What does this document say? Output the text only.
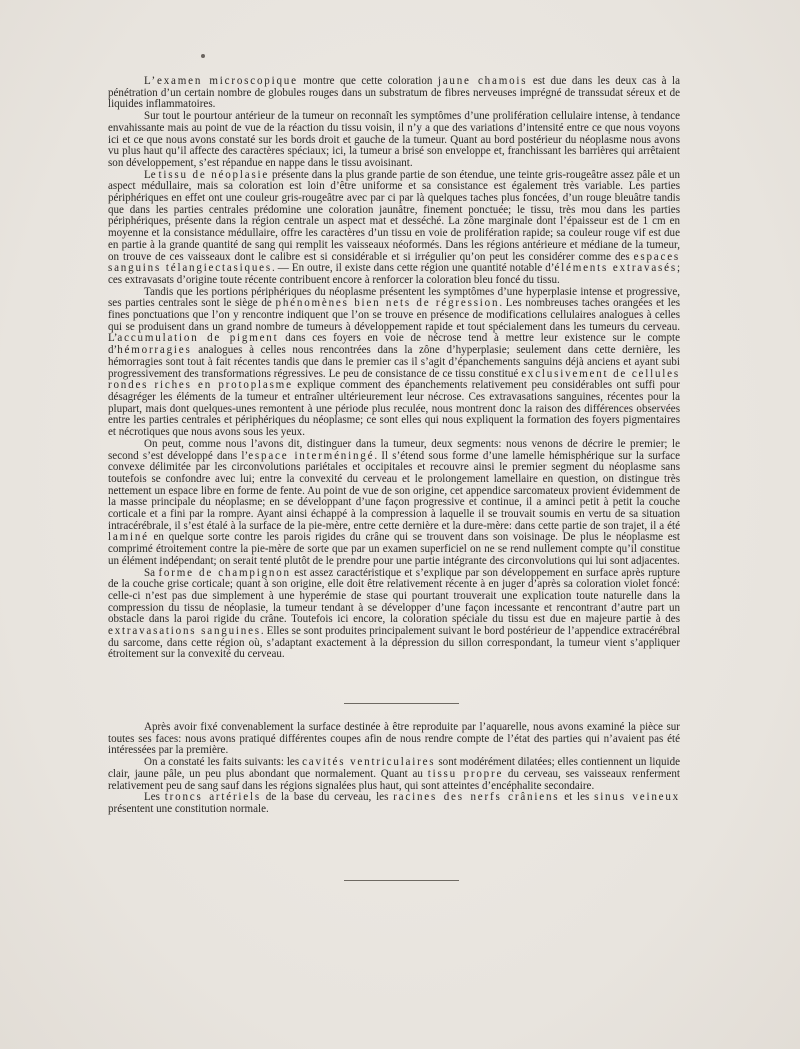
L’examen microscopique montre que cette coloration jaune chamois est due dans les deux cas à la pénétration d’un certain nombre de globules rouges dans un substratum de fibres nerveuses imprégné de transsudat séreux et de liquides inflammatoires.

Sur tout le pourtour antérieur de la tumeur on reconnaît les symptômes d’une prolifération cellulaire intense, à tendance envahissante mais au point de vue de la réaction du tissu voisin, il n’y a que des variations d’intensité entre ce que nous voyons ici et ce que nous avons constaté sur les bords droit et gauche de la tumeur. Quant au bord postérieur du néoplasme nous avons vu plus haut qu’il affecte des caractères spéciaux; ici, la tumeur a brisé son enveloppe et, franchissant les barrières qui arrêtaient son développement, s’est répandue en nappe dans le tissu avoisinant.

Le tissu de néoplasie présente dans la plus grande partie de son étendue, une teinte gris-rougeâtre assez pâle et un aspect médullaire, mais sa coloration est loin d’être uniforme et sa consistance est également très variable. Les parties périphériques en effet ont une couleur gris-rougeâtre avec par ci par là quelques taches plus foncées, d’un rouge bleuâtre tandis que dans les parties centrales prédomine une coloration jaunâtre, finement ponctuée; le tissu, très mou dans les parties périphériques, présente dans la région centrale un aspect mat et desséché. La zône marginale dont l’épaisseur est de 1 cm en moyenne et la consistance médullaire, offre les caractères d’un tissu en voie de prolifération rapide; sa couleur rouge vif est due en partie à la grande quantité de sang qui remplit les vaisseaux néoformés. Dans les régions antérieure et médiane de la tumeur, on trouve de ces vaisseaux dont le calibre est si considérable et si irrégulier qu’on peut les considérer comme des espaces sanguins télangiectasiques. — En outre, il existe dans cette région une quantité notable d’éléments extravasés; ces extravasats d’origine toute récente contribuent encore à renforcer la coloration bleu foncé du tissu.

Tandis que les portions périphériques du néoplasme présentent les symptômes d’une hyperplasie intense et progressive, ses parties centrales sont le siège de phénomènes bien nets de régression. Les nombreuses taches orangées et les fines ponctuations que l’on y rencontre indiquent que l’on se trouve en présence de modifications cellulaires analogues à celles qui se produisent dans un grand nombre de tumeurs à développement rapide et tout spécialement dans les tumeurs du cerveau. L’accumulation de pigment dans ces foyers en voie de nécrose tend à mettre leur existence sur le compte d’hémorragies analogues à celles nous rencontrées dans la zône d’hyperplasie; seulement dans cette dernière, les hémorragies sont tout à fait récentes tandis que dans le premier cas il s’agit d’épanchements sanguins déjà anciens et ayant subi progressivement des transformations régressives. Le peu de consistance de ce tissu constitué exclusivement de cellules rondes riches en protoplasme explique comment des épanchements relativement peu considérables ont suffi pour désagréger les éléments de la tumeur et entraîner ultérieurement leur nécrose. Ces extravasations sanguines, récentes pour la plupart, mais dont quelques-unes remontent à une période plus reculée, nous montrent donc la raison des différences observées entre les parties centrales et périphériques du néoplasme; ce sont elles qui nous expliquent la formation des foyers pigmentaires et nécrotiques que nous avons sous les yeux.

On peut, comme nous l’avons dit, distinguer dans la tumeur, deux segments: nous venons de décrire le premier; le second s’est développé dans l’espace interméningé. Il s’étend sous forme d’une lamelle hémisphérique sur la surface convexe délimitée par les circonvolutions pariétales et occipitales et recouvre ainsi le premier segment du néoplasme sans toutefois se confondre avec lui; entre la convexité du cerveau et le prolongement lamellaire en question, on distingue très nettement un espace libre en forme de fente. Au point de vue de son origine, cet appendice sarcomateux provient évidemment de la masse principale du néoplasme; en se développant d’une façon progressive et continue, il a aminci petit à petit la couche corticale et a fini par la rompre. Ayant ainsi échappé à la compression à laquelle il se trouvait soumis en vertu de sa situation intracérébrale, il s’est étalé à la surface de la pie-mère, entre cette dernière et la dure-mère: dans cette partie de son trajet, il a été laminé en quelque sorte contre les parois rigides du crâne qui se trouvent dans son voisinage. De plus le néoplasme est comprimé étroitement contre la pie-mère de sorte que par un examen superficiel on ne se rend nullement compte qu’il constitue un élément indépendant; on serait tenté plutôt de le prendre pour une partie intégrante des circonvolutions qui lui sont adjacentes.

Sa forme de champignon est assez caractéristique et s’explique par son développement en surface après rupture de la couche grise corticale; quant à son origine, elle doit être relativement récente à en juger d’après sa coloration violet foncé: celle-ci n’est pas due simplement à une hyperémie de stase qui pourtant trouverait une explication toute naturelle dans la compression du tissu de néoplasie, la tumeur tendant à se développer d’une façon incessante et rencontrant d’autre part un obstacle dans la paroi rigide du crâne. Toutefois ici encore, la coloration spéciale du tissu est due en majeure partie à des extravasations sanguines. Elles se sont produites principalement suivant le bord postérieur de l’appendice extracérébral du sarcome, dans cette région où, s’adaptant exactement à la dépression du sillon correspondant, la tumeur vient s’appliquer étroitement sur la convexité du cerveau.

Après avoir fixé convenablement la surface destinée à être reproduite par l’aquarelle, nous avons examiné la pièce sur toutes ses faces: nous avons pratiqué différentes coupes afin de nous rendre compte de l’état des parties qui n’avaient pas été intéressées par la première.

On a constaté les faits suivants: les cavités ventriculaires sont modérément dilatées; elles contiennent un liquide clair, jaune pâle, un peu plus abondant que normalement. Quant au tissu propre du cerveau, ses vaisseaux renferment relativement peu de sang sauf dans les régions signalées plus haut, qui sont atteintes d’encéphalite secondaire.

Les troncs artériels de la base du cerveau, les racines des nerfs crâniens et les sinus veineux présentent une constitution normale.
